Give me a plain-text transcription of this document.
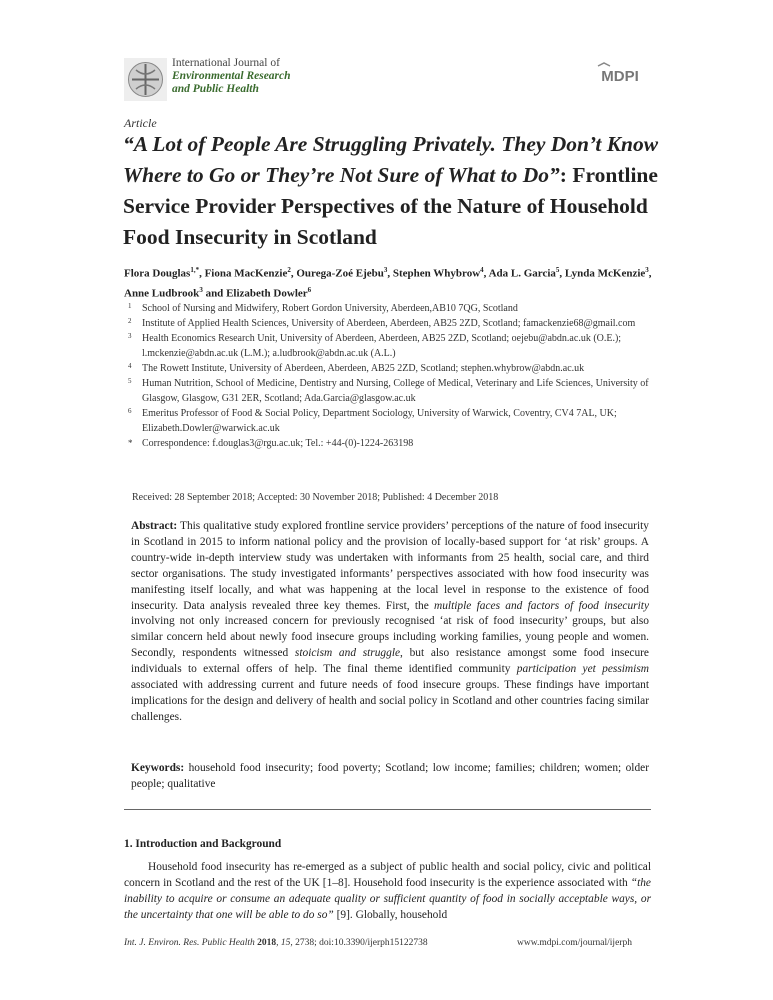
International Journal of
Environmental Research
and Public Health
MDPI
Article
“A Lot of People Are Struggling Privately. They Don’t Know Where to Go or They’re Not Sure of What to Do”: Frontline Service Provider Perspectives of the Nature of Household Food Insecurity in Scotland
Flora Douglas$^{1,*}$, Fiona MacKenzie$^2$, Ourega-Zoé Ejebu$^3$, Stephen Whybrow$^4$, Ada L. Garcia$^5$, Lynda McKenzie$^3$, Anne Ludbrook$^3$ and Elizabeth Dowler$^6$
1 School of Nursing and Midwifery, Robert Gordon University, Aberdeen,AB10 7QG, Scotland
2 Institute of Applied Health Sciences, University of Aberdeen, Aberdeen, AB25 2ZD, Scotland; famackenzie68@gmail.com
3 Health Economics Research Unit, University of Aberdeen, Aberdeen, AB25 2ZD, Scotland; oejebu@abdn.ac.uk (O.E.); l.mckenzie@abdn.ac.uk (L.M.); a.ludbrook@abdn.ac.uk (A.L.)
4 The Rowett Institute, University of Aberdeen, Aberdeen, AB25 2ZD, Scotland; stephen.whybrow@abdn.ac.uk
5 Human Nutrition, School of Medicine, Dentistry and Nursing, College of Medical, Veterinary and Life Sciences, University of Glasgow, Glasgow, G31 2ER, Scotland; Ada.Garcia@glasgow.ac.uk
6 Emeritus Professor of Food & Social Policy, Department Sociology, University of Warwick, Coventry, CV4 7AL, UK; Elizabeth.Dowler@warwick.ac.uk
* Correspondence: f.douglas3@rgu.ac.uk; Tel.: +44-(0)-1224-263198
Received: 28 September 2018; Accepted: 30 November 2018; Published: 4 December 2018
Abstract: This qualitative study explored frontline service providers’ perceptions of the nature of food insecurity in Scotland in 2015 to inform national policy and the provision of locally-based support for ‘at risk’ groups. A country-wide in-depth interview study was undertaken with informants from 25 health, social care, and third sector organisations. The study investigated informants’ perspectives associated with how food insecurity was manifesting itself locally, and what was happening at the local level in response to the existence of food insecurity. Data analysis revealed three key themes. First, the multiple faces and factors of food insecurity involving not only increased concern for previously recognised ‘at risk of food insecurity’ groups, but also similar concern held about newly food insecure groups including working families, young people and women. Secondly, respondents witnessed stoicism and struggle, but also resistance amongst some food insecure individuals to external offers of help. The final theme identified community participation yet pessimism associated with addressing current and future needs of food insecure groups. These findings have important implications for the design and delivery of health and social policy in Scotland and other countries facing similar challenges.
Keywords: household food insecurity; food poverty; Scotland; low income; families; children; women; older people; qualitative
1. Introduction and Background
Household food insecurity has re-emerged as a subject of public health and social policy, civic and political concern in Scotland and the rest of the UK [1–8]. Household food insecurity is the experience associated with “the inability to acquire or consume an adequate quality or sufficient quantity of food in socially acceptable ways, or the uncertainty that one will be able to do so” [9]. Globally, household
Int. J. Environ. Res. Public Health 2018, 15, 2738; doi:10.3390/ijerph15122738	www.mdpi.com/journal/ijerph
